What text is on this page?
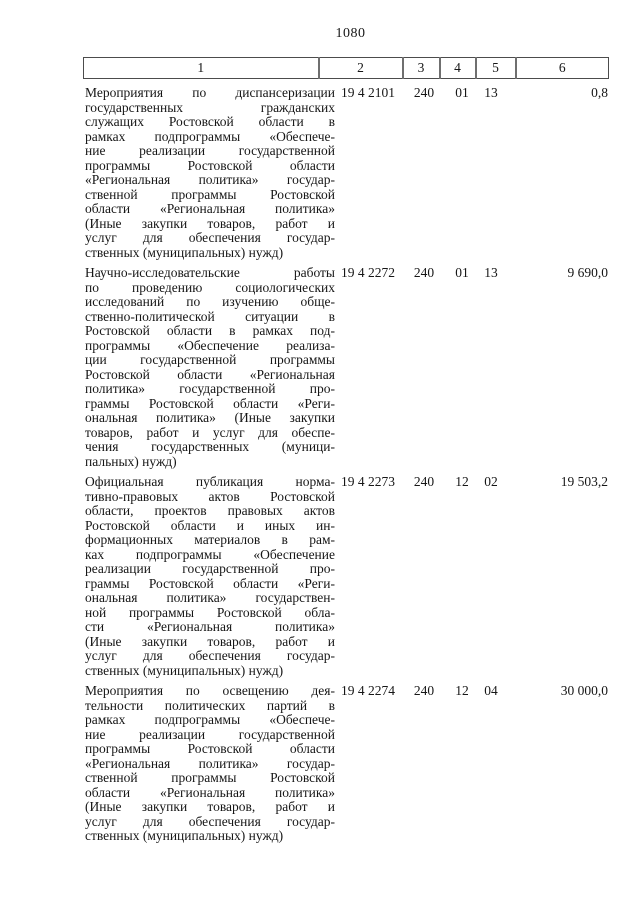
1080
1	2	3	4	5	6
Мероприятия по диспансеризации
государственных гражданских
служащих Ростовской области в
рамках подпрограммы «Обеспече-
ние реализации государственной
программы Ростовской области
«Региональная политика» государ-
ственной программы Ростовской
области «Региональная политика»
(Иные закупки товаров, работ и
услуг для обеспечения государ-
ственных (муниципальных) нужд)
19 4 2101	240	01	13	0,8
Научно-исследовательские работы
по проведению социологических
исследований по изучению обще-
ственно-политической ситуации в
Ростовской области в рамках под-
программы «Обеспечение реализа-
ции государственной программы
Ростовской области «Региональная
политика» государственной про-
граммы Ростовской области «Реги-
ональная политика» (Иные закупки
товаров, работ и услуг для обеспе-
чения государственных (муници-
пальных) нужд)
19 4 2272	240	01	13	9 690,0
Официальная публикация норма-
тивно-правовых актов Ростовской
области, проектов правовых актов
Ростовской области и иных ин-
формационных материалов в рам-
ках подпрограммы «Обеспечение
реализации государственной про-
граммы Ростовской области «Реги-
ональная политика» государствен-
ной программы Ростовской обла-
сти «Региональная политика»
(Иные закупки товаров, работ и
услуг для обеспечения государ-
ственных (муниципальных) нужд)
19 4 2273	240	12	02	19 503,2
Мероприятия по освещению дея-
тельности политических партий в
рамках подпрограммы «Обеспече-
ние реализации государственной
программы Ростовской области
«Региональная политика» государ-
ственной программы Ростовской
области «Региональная политика»
(Иные закупки товаров, работ и
услуг для обеспечения государ-
ственных (муниципальных) нужд)
19 4 2274	240	12	04	30 000,0
